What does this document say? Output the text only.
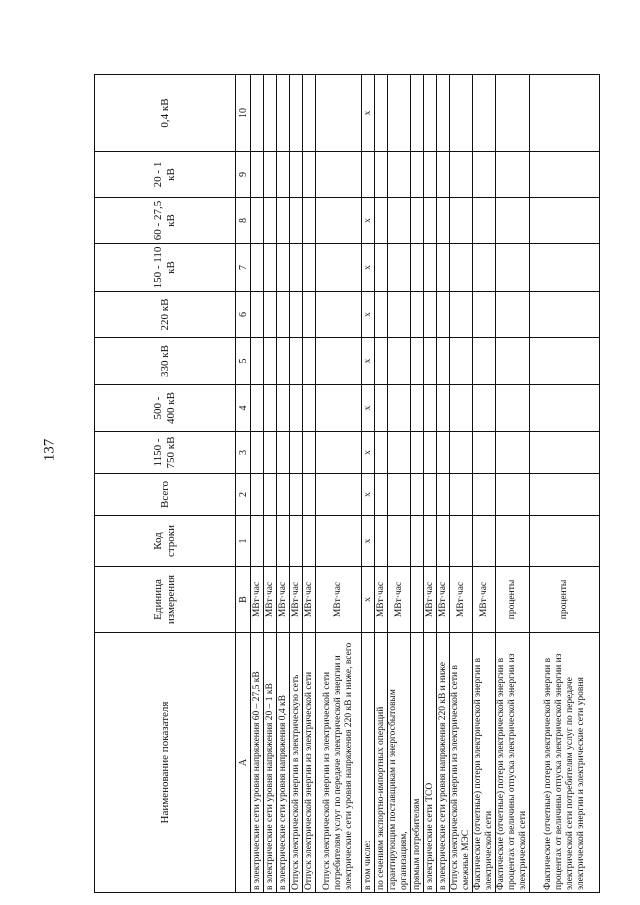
137
Наименование показателя	Единица измерения	Код строки	Всего	1150 - 750 кВ	500 - 400 кВ	330 кВ	220 кВ	150 - 110 кВ	60 - 27,5 кВ	20 - 1 кВ	0,4 кВ
А	В	1	2	3	4	5	6	7	8	9	10
в электрические сети уровня напряжения 60 – 27,5 кВ	МВт·час										
в электрические сети уровня напряжения 20 – 1 кВ	МВт·час										
в электрические сети уровня напряжения 0,4 кВ	МВт·час										
Отпуск электрической энергии в электрическую сеть	МВт·час										
Отпуск электрической энергии из электрической сети	МВт·час										
Отпуск электрической энергии из электрической сети потребителям услуг по передаче электрической энергии и электрические сети уровня напряжения 220 кВ и ниже, всего	МВт·час										
в том числе:	х	х	х	х	х	х	х	х	х		х
по сечениям экспортно-импортных операций	МВт·час										
гарантирующим поставщикам и энергосбытовым организациям,	МВт·час										
прямым потребителям											
в электрические сети ТСО	МВт·час										
в электрические сети уровня напряжения 220 кВ и ниже	МВт·час										
Отпуск электрической энергии из электрической сети в смежные МЭС	МВт·час										
Фактические (отчетные) потери электрической энергии в электрической сети	МВт·час										
Фактические (отчетные) потери электрической энергии в процентах от величины отпуска электрической энергии из электрической сети	проценты										
Фактические (отчетные) потери электрической энергии в процентах от величины отпуска электрической энергии из электрической сети потребителям услуг по передаче электрической энергии и электрические сети уровня	проценты										
